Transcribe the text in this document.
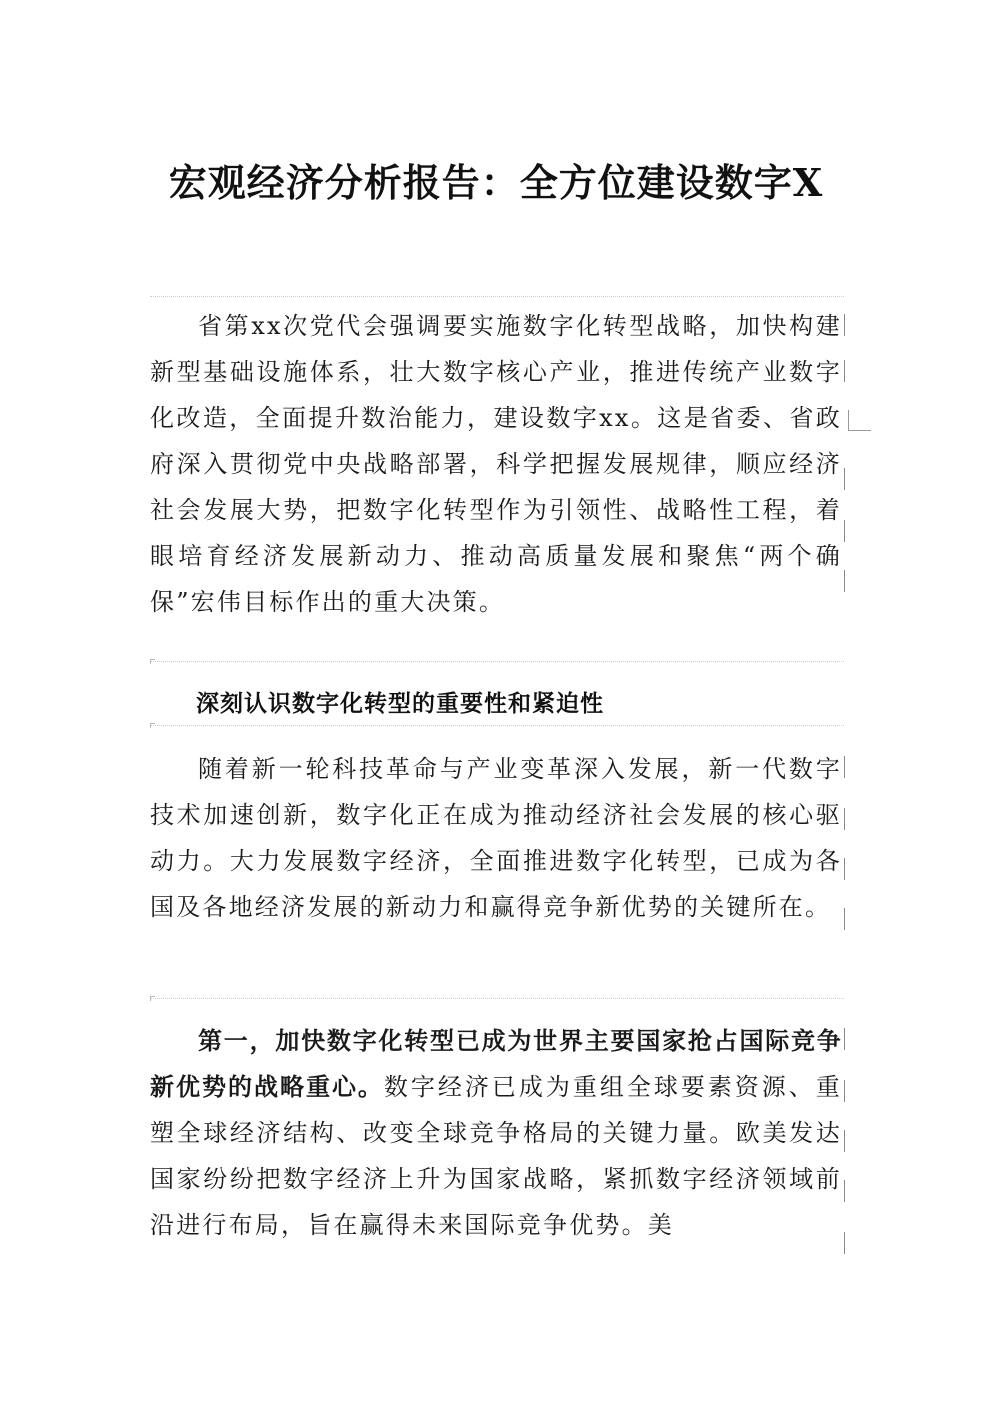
宏观经济分析报告：全方位建设数字X

省第xx次党代会强调要实施数字化转型战略，加快构建新型基础设施体系，壮大数字核心产业，推进传统产业数字化改造，全面提升数治能力，建设数字xx。这是省委、省政府深入贯彻党中央战略部署，科学把握发展规律，顺应经济社会发展大势，把数字化转型作为引领性、战略性工程，着眼培育经济发展新动力、推动高质量发展和聚焦“两个确保”宏伟目标作出的重大决策。

深刻认识数字化转型的重要性和紧迫性

随着新一轮科技革命与产业变革深入发展，新一代数字技术加速创新，数字化正在成为推动经济社会发展的核心驱动力。大力发展数字经济，全面推进数字化转型，已成为各国及各地经济发展的新动力和赢得竞争新优势的关键所在。

第一，加快数字化转型已成为世界主要国家抢占国际竞争新优势的战略重心。数字经济已成为重组全球要素资源、重塑全球经济结构、改变全球竞争格局的关键力量。欧美发达国家纷纷把数字经济上升为国家战略，紧抓数字经济领域前沿进行布局，旨在赢得未来国际竞争优势。美
